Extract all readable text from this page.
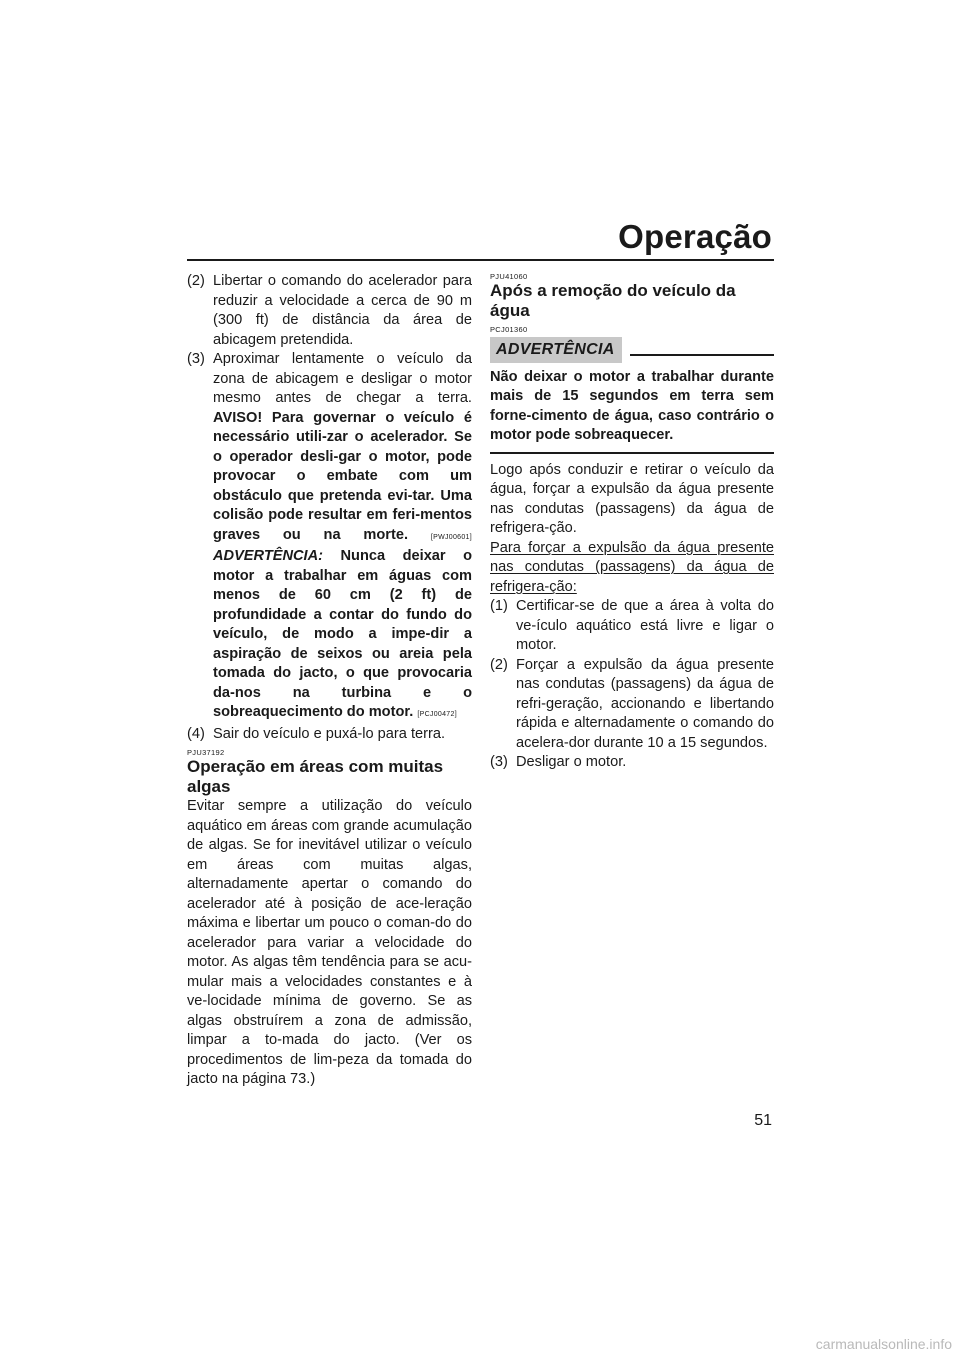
Operação
(2) Libertar o comando do acelerador para reduzir a velocidade a cerca de 90 m (300 ft) de distância da área de abicagem pretendida.
(3) Aproximar lentamente o veículo da zona de abicagem e desligar o motor mesmo antes de chegar a terra. AVISO! Para governar o veículo é necessário utili-zar o acelerador. Se o operador desli-gar o motor, pode provocar o embate com um obstáculo que pretenda evi-tar. Uma colisão pode resultar em feri-mentos graves ou na morte.	[PWJ00601] ADVERTÊNCIA: Nunca deixar o motor a trabalhar em águas com menos de 60 cm (2 ft) de profundidade a contar do fundo do veículo, de modo a impe-dir a aspiração de seixos ou areia pela tomada do jacto, o que provocaria da-nos na turbina e o sobreaquecimento do motor. [PCJ00472]
(4) Sair do veículo e puxá-lo para terra.
PJU37192
Operação em áreas com muitas algas
Evitar sempre a utilização do veículo aquático em áreas com grande acumulação de algas. Se for inevitável utilizar o veículo em áreas com muitas algas, alternadamente apertar o comando do acelerador até à posição de ace-leração máxima e libertar um pouco o coman-do do acelerador para variar a velocidade do motor. As algas têm tendência para se acu-mular mais a velocidades constantes e à ve-locidade mínima de governo. Se as algas obstruírem a zona de admissão, limpar a to-mada do jacto. (Ver os procedimentos de lim-peza da tomada do jacto na página 73.)
PJU41060
Após a remoção do veículo da água
PCJ01360
ADVERTÊNCIA
Não deixar o motor a trabalhar durante mais de 15 segundos em terra sem forne-cimento de água, caso contrário o motor pode sobreaquecer.
Logo após conduzir e retirar o veículo da água, forçar a expulsão da água presente nas condutas (passagens) da água de refrigera-ção.
Para forçar a expulsão da água presente nas condutas (passagens) da água de refrigera-ção:
(1) Certificar-se de que a área à volta do ve-ículo aquático está livre e ligar o motor.
(2) Forçar a expulsão da água presente nas condutas (passagens) da água de refri-geração, accionando e libertando rápida e alternadamente o comando do acelera-dor durante 10 a 15 segundos.
(3) Desligar o motor.
51
carmanualsonline.info
